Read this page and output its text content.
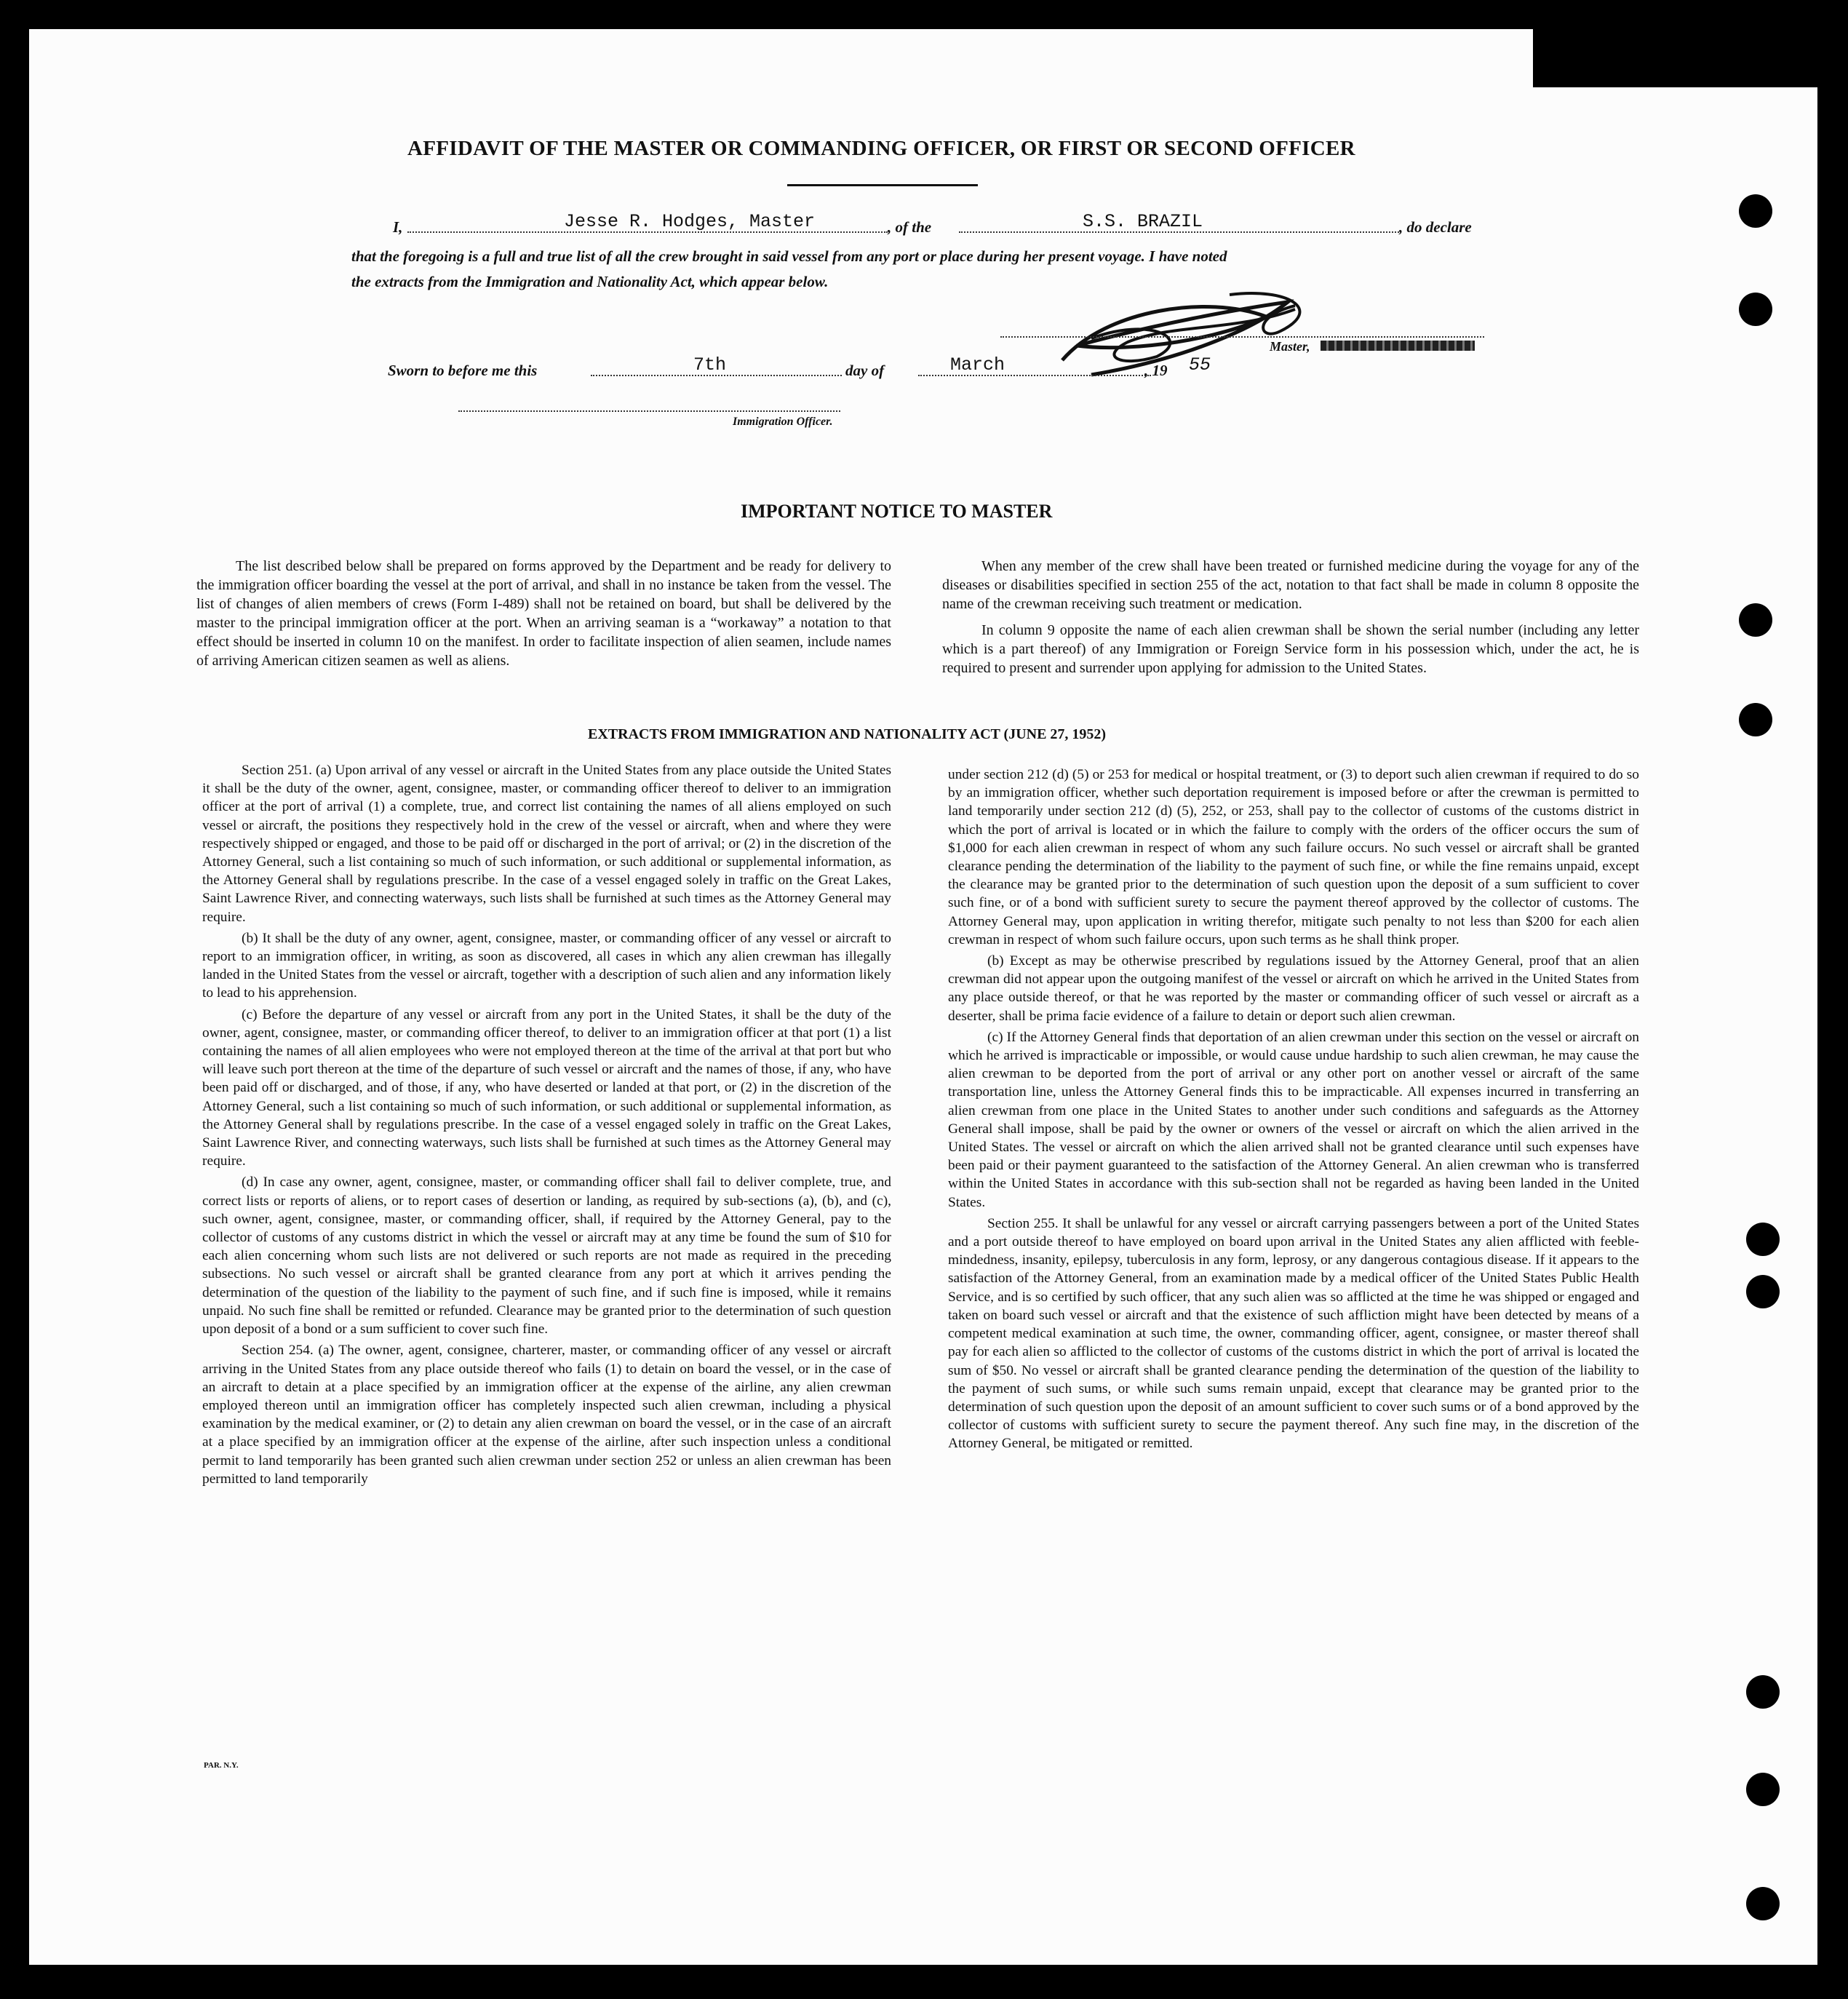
AFFIDAVIT OF THE MASTER OR COMMANDING OFFICER, OR FIRST OR SECOND OFFICER
I,	Jesse R. Hodges, Master	, of the	S.S. BRAZIL	, do declare
that the foregoing is a full and true list of all the crew brought in said vessel from any port or place during her present voyage. I have noted
the extracts from the Immigration and Nationality Act, which appear below.
Master,
Sworn to before me this	7th	day of	March	, 19 55
Immigration Officer.
IMPORTANT NOTICE TO MASTER

The list described below shall be prepared on forms approved by the Department and be ready for delivery to the immigration officer boarding the vessel at the port of arrival, and shall in no instance be taken from the vessel. The list of changes of alien members of crews (Form I-489) shall not be retained on board, but shall be delivered by the master to the principal immigration officer at the port. When an arriving seaman is a “workaway” a notation to that effect should be inserted in column 10 on the manifest. In order to facilitate inspection of alien seamen, include names of arriving American citizen seamen as well as aliens.

When any member of the crew shall have been treated or furnished medicine during the voyage for any of the diseases or disabilities specified in section 255 of the act, notation to that fact shall be made in column 8 opposite the name of the crewman receiving such treatment or medication.

In column 9 opposite the name of each alien crewman shall be shown the serial number (including any letter which is a part thereof) of any Immigration or Foreign Service form in his possession which, under the act, he is required to present and surrender upon applying for admission to the United States.

EXTRACTS FROM IMMIGRATION AND NATIONALITY ACT (JUNE 27, 1952)

Section 251. (a) Upon arrival of any vessel or aircraft in the United States from any place outside the United States it shall be the duty of the owner, agent, consignee, master, or commanding officer thereof to deliver to an immigration officer at the port of arrival (1) a complete, true, and correct list containing the names of all aliens employed on such vessel or aircraft, the positions they respectively hold in the crew of the vessel or aircraft, when and where they were respectively shipped or engaged, and those to be paid off or discharged in the port of arrival; or (2) in the discretion of the Attorney General, such a list containing so much of such information, or such additional or supplemental information, as the Attorney General shall by regulations prescribe. In the case of a vessel engaged solely in traffic on the Great Lakes, Saint Lawrence River, and connecting waterways, such lists shall be furnished at such times as the Attorney General may require.

(b) It shall be the duty of any owner, agent, consignee, master, or commanding officer of any vessel or aircraft to report to an immigration officer, in writing, as soon as discovered, all cases in which any alien crewman has illegally landed in the United States from the vessel or aircraft, together with a description of such alien and any information likely to lead to his apprehension.

(c) Before the departure of any vessel or aircraft from any port in the United States, it shall be the duty of the owner, agent, consignee, master, or commanding officer thereof, to deliver to an immigration officer at that port (1) a list containing the names of all alien employees who were not employed thereon at the time of the arrival at that port but who will leave such port thereon at the time of the departure of such vessel or aircraft and the names of those, if any, who have been paid off or discharged, and of those, if any, who have deserted or landed at that port, or (2) in the discretion of the Attorney General, such a list containing so much of such information, or such additional or supplemental information, as the Attorney General shall by regulations prescribe. In the case of a vessel engaged solely in traffic on the Great Lakes, Saint Lawrence River, and connecting waterways, such lists shall be furnished at such times as the Attorney General may require.

(d) In case any owner, agent, consignee, master, or commanding officer shall fail to deliver complete, true, and correct lists or reports of aliens, or to report cases of desertion or landing, as required by sub-sections (a), (b), and (c), such owner, agent, consignee, master, or commanding officer, shall, if required by the Attorney General, pay to the collector of customs of any customs district in which the vessel or aircraft may at any time be found the sum of $10 for each alien concerning whom such lists are not delivered or such reports are not made as required in the preceding subsections. No such vessel or aircraft shall be granted clearance from any port at which it arrives pending the determination of the question of the liability to the payment of such fine, and if such fine is imposed, while it remains unpaid. No such fine shall be remitted or refunded. Clearance may be granted prior to the determination of such question upon deposit of a bond or a sum sufficient to cover such fine.

Section 254. (a) The owner, agent, consignee, charterer, master, or commanding officer of any vessel or aircraft arriving in the United States from any place outside thereof who fails (1) to detain on board the vessel, or in the case of an aircraft to detain at a place specified by an immigration officer at the expense of the airline, any alien crewman employed thereon until an immigration officer has completely inspected such alien crewman, including a physical examination by the medical examiner, or (2) to detain any alien crewman on board the vessel, or in the case of an aircraft at a place specified by an immigration officer at the expense of the airline, after such inspection unless a conditional permit to land temporarily has been granted such alien crewman under section 252 or unless an alien crewman has been permitted to land temporarily

under section 212 (d) (5) or 253 for medical or hospital treatment, or (3) to deport such alien crewman if required to do so by an immigration officer, whether such deportation requirement is imposed before or after the crewman is permitted to land temporarily under section 212 (d) (5), 252, or 253, shall pay to the collector of customs of the customs district in which the port of arrival is located or in which the failure to comply with the orders of the officer occurs the sum of $1,000 for each alien crewman in respect of whom any such failure occurs. No such vessel or aircraft shall be granted clearance pending the determination of the liability to the payment of such fine, or while the fine remains unpaid, except the clearance may be granted prior to the determination of such question upon the deposit of a sum sufficient to cover such fine, or of a bond with sufficient surety to secure the payment thereof approved by the collector of customs. The Attorney General may, upon application in writing therefor, mitigate such penalty to not less than $200 for each alien crewman in respect of whom such failure occurs, upon such terms as he shall think proper.

(b) Except as may be otherwise prescribed by regulations issued by the Attorney General, proof that an alien crewman did not appear upon the outgoing manifest of the vessel or aircraft on which he arrived in the United States from any place outside thereof, or that he was reported by the master or commanding officer of such vessel or aircraft as a deserter, shall be prima facie evidence of a failure to detain or deport such alien crewman.

(c) If the Attorney General finds that deportation of an alien crewman under this section on the vessel or aircraft on which he arrived is impracticable or impossible, or would cause undue hardship to such alien crewman, he may cause the alien crewman to be deported from the port of arrival or any other port on another vessel or aircraft of the same transportation line, unless the Attorney General finds this to be impracticable. All expenses incurred in transferring an alien crewman from one place in the United States to another under such conditions and safeguards as the Attorney General shall impose, shall be paid by the owner or owners of the vessel or aircraft on which the alien arrived in the United States. The vessel or aircraft on which the alien arrived shall not be granted clearance until such expenses have been paid or their payment guaranteed to the satisfaction of the Attorney General. An alien crewman who is transferred within the United States in accordance with this sub-section shall not be regarded as having been landed in the United States.

Section 255. It shall be unlawful for any vessel or aircraft carrying passengers between a port of the United States and a port outside thereof to have employed on board upon arrival in the United States any alien afflicted with feeble-mindedness, insanity, epilepsy, tuberculosis in any form, leprosy, or any dangerous contagious disease. If it appears to the satisfaction of the Attorney General, from an examination made by a medical officer of the United States Public Health Service, and is so certified by such officer, that any such alien was so afflicted at the time he was shipped or engaged and taken on board such vessel or aircraft and that the existence of such affliction might have been detected by means of a competent medical examination at such time, the owner, commanding officer, agent, consignee, or master thereof shall pay for each alien so afflicted to the collector of customs of the customs district in which the port of arrival is located the sum of $50. No vessel or aircraft shall be granted clearance pending the determination of the question of the liability to the payment of such sums, or while such sums remain unpaid, except that clearance may be granted prior to the determination of such question upon the deposit of an amount sufficient to cover such sums or of a bond approved by the collector of customs with sufficient surety to secure the payment thereof. Any such fine may, in the discretion of the Attorney General, be mitigated or remitted.

PAR. N.Y.
